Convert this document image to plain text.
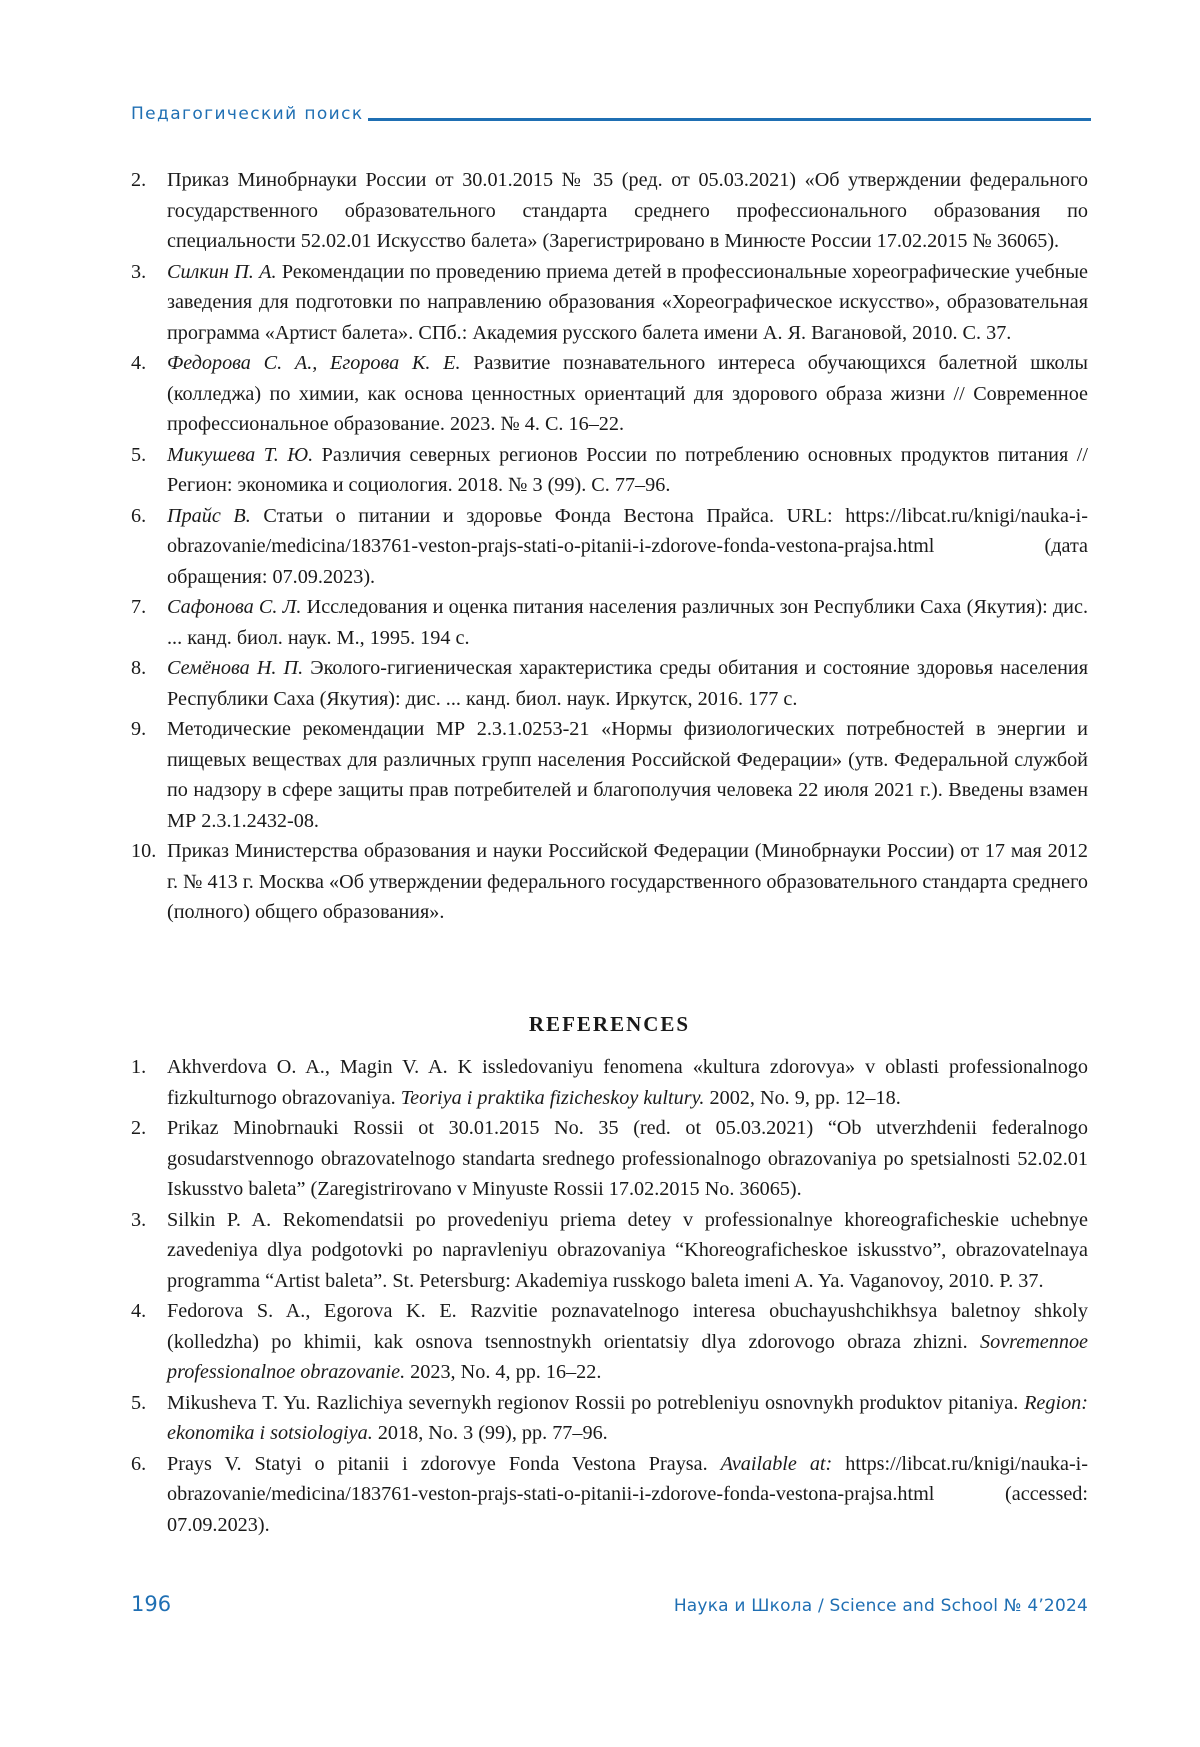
Педагогический поиск
2. Приказ Минобрнауки России от 30.01.2015 № 35 (ред. от 05.03.2021) «Об утверждении федерального государственного образовательного стандарта среднего профессионального образования по специальности 52.02.01 Искусство балета» (Зарегистрировано в Минюсте России 17.02.2015 № 36065).
3. Силкин П. А. Рекомендации по проведению приема детей в профессиональные хореографические учебные заведения для подготовки по направлению образования «Хореографическое искусство», образовательная программа «Артист балета». СПб.: Академия русского балета имени А. Я. Вагановой, 2010. С. 37.
4. Федорова С. А., Егорова К. Е. Развитие познавательного интереса обучающихся балетной школы (колледжа) по химии, как основа ценностных ориентаций для здорового образа жизни // Современное профессиональное образование. 2023. № 4. С. 16–22.
5. Микушева Т. Ю. Различия северных регионов России по потреблению основных продуктов питания // Регион: экономика и социология. 2018. № 3 (99). С. 77–96.
6. Прайс В. Статьи о питании и здоровье Фонда Вестона Прайса. URL: https://libcat.ru/knigi/nauka-i-obrazovanie/medicina/183761-veston-prajs-stati-o-pitanii-i-zdorove-fonda-vestona-prajsa.html (дата обращения: 07.09.2023).
7. Сафонова С. Л. Исследования и оценка питания населения различных зон Республики Саха (Якутия): дис. ... канд. биол. наук. М., 1995. 194 с.
8. Семёнова Н. П. Эколого-гигиеническая характеристика среды обитания и состояние здоровья населения Республики Саха (Якутия): дис. ... канд. биол. наук. Иркутск, 2016. 177 с.
9. Методические рекомендации МР 2.3.1.0253-21 «Нормы физиологических потребностей в энергии и пищевых веществах для различных групп населения Российской Федерации» (утв. Федеральной службой по надзору в сфере защиты прав потребителей и благополучия человека 22 июля 2021 г.). Введены взамен МР 2.3.1.2432-08.
10. Приказ Министерства образования и науки Российской Федерации (Минобрнауки России) от 17 мая 2012 г. № 413 г. Москва «Об утверждении федерального государственного образовательного стандарта среднего (полного) общего образования».
REFERENCES
1. Akhverdova O. A., Magin V. A. K issledovaniyu fenomena «kultura zdorovya» v oblasti professionalnogo fizkulturnogo obrazovaniya. Teoriya i praktika fizicheskoy kultury. 2002, No. 9, pp. 12–18.
2. Prikaz Minobrnauki Rossii ot 30.01.2015 No. 35 (red. ot 05.03.2021) “Ob utverzhdenii federalnogo gosudarstvennogo obrazovatelnogo standarta srednego professionalnogo obrazovaniya po spetsialnosti 52.02.01 Iskusstvo baleta” (Zaregistrirovano v Minyuste Rossii 17.02.2015 No. 36065).
3. Silkin P. A. Rekomendatsii po provedeniyu priema detey v professionalnye khoreograficheskie uchebnye zavedeniya dlya podgotovki po napravleniyu obrazovaniya “Khoreograficheskoe iskusstvo”, obrazovatelnaya programma “Artist baleta”. St. Petersburg: Akademiya russkogo baleta imeni A. Ya. Vaganovoy, 2010. P. 37.
4. Fedorova S. A., Egorova K. E. Razvitie poznavatelnogo interesa obuchayushchikhsya baletnoy shkoly (kolledzha) po khimii, kak osnova tsennostnykh orientatsiy dlya zdorovogo obraza zhizni. Sovremennoe professionalnoe obrazovanie. 2023, No. 4, pp. 16–22.
5. Mikusheva T. Yu. Razlichiya severnykh regionov Rossii po potrebleniyu osnovnykh produktov pitaniya. Region: ekonomika i sotsiologiya. 2018, No. 3 (99), pp. 77–96.
6. Prays V. Statyi o pitanii i zdorovye Fonda Vestona Praysa. Available at: https://libcat.ru/knigi/nauka-i-obrazovanie/medicina/183761-veston-prajs-stati-o-pitanii-i-zdorove-fonda-vestona-prajsa.html (accessed: 07.09.2023).
196	Наука и Школа / Science and School № 4’2024
